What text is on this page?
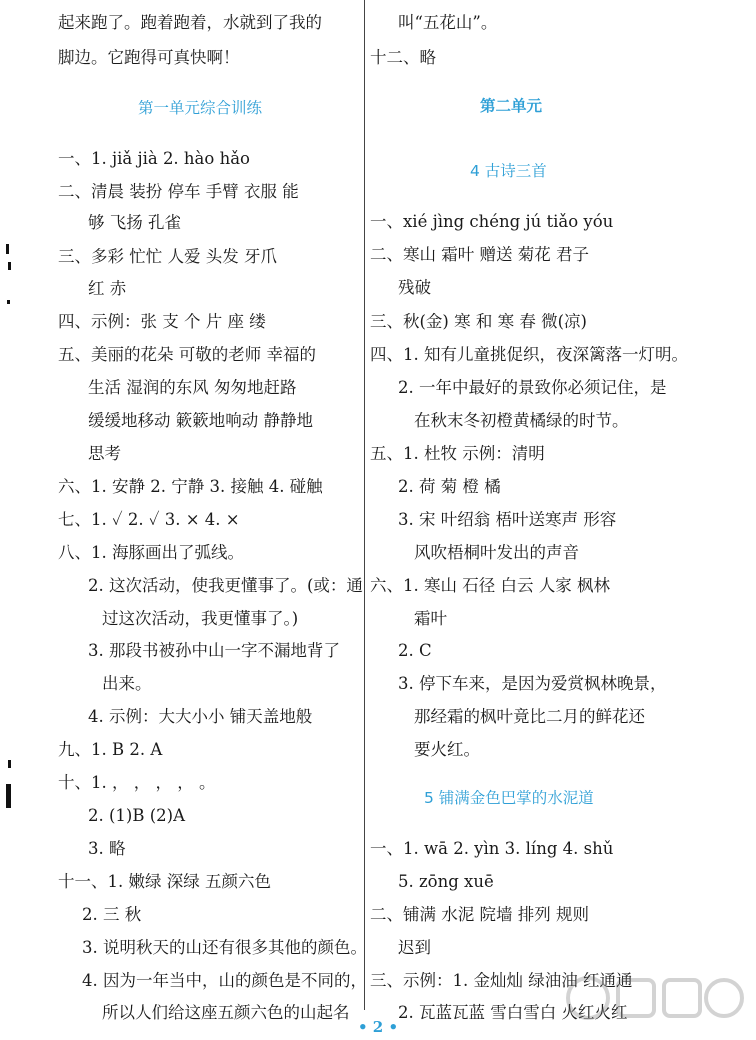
起来跑了。跑着跑着，水就到了我的
脚边。它跑得可真快啊！
第一单元综合训练
一、1. jiǎ jià 2. hào hǎo
二、清晨 装扮 停车 手臂 衣服 能
够 飞扬 孔雀
三、多彩 忙忙 人爱 头发 牙爪
红 赤
四、示例：张 支 个 片 座 缕
五、美丽的花朵 可敬的老师 幸福的
生活 湿润的东风 匆匆地赶路
缓缓地移动 簌簌地响动 静静地
思考
六、1. 安静 2. 宁静 3. 接触 4. 碰触
七、1. ✓ 2. ✓ 3. × 4. ×
八、1. 海豚画出了弧线。
2. 这次活动，使我更懂事了。(或：通
过这次活动，我更懂事了。)
3. 那段书被孙中山一字不漏地背了
出来。
4. 示例：大大小小 铺天盖地般
九、1. B 2. A
十、1. ， ， ， ， 。
2. (1)B (2)A
3. 略
十一、1. 嫩绿 深绿 五颜六色
2. 三 秋
3. 说明秋天的山还有很多其他的颜色。
4. 因为一年当中，山的颜色是不同的，
所以人们给这座五颜六色的山起名
叫“五花山”。
十二、略
第二单元
4 古诗三首
一、xié jìng chéng jú tiǎo yóu
二、寒山 霜叶 赠送 菊花 君子
残破
三、秋(金) 寒 和 寒 春 微(凉)
四、1. 知有儿童挑促织，夜深篱落一灯明。
2. 一年中最好的景致你必须记住，是
在秋末冬初橙黄橘绿的时节。
五、1. 杜牧 示例：清明
2. 荷 菊 橙 橘
3. 宋 叶绍翁 梧叶送寒声 形容
风吹梧桐叶发出的声音
六、1. 寒山 石径 白云 人家 枫林
霜叶
2. C
3. 停下车来，是因为爱赏枫林晚景，
那经霜的枫叶竟比二月的鲜花还
要火红。
5 铺满金色巴掌的水泥道
一、1. wā 2. yìn 3. líng 4. shǔ
5. zōng xuē
二、铺满 水泥 院墙 排列 规则
迟到
三、示例：1. 金灿灿 绿油油 红通通
2. 瓦蓝瓦蓝 雪白雪白 火红火红
• 2 •
